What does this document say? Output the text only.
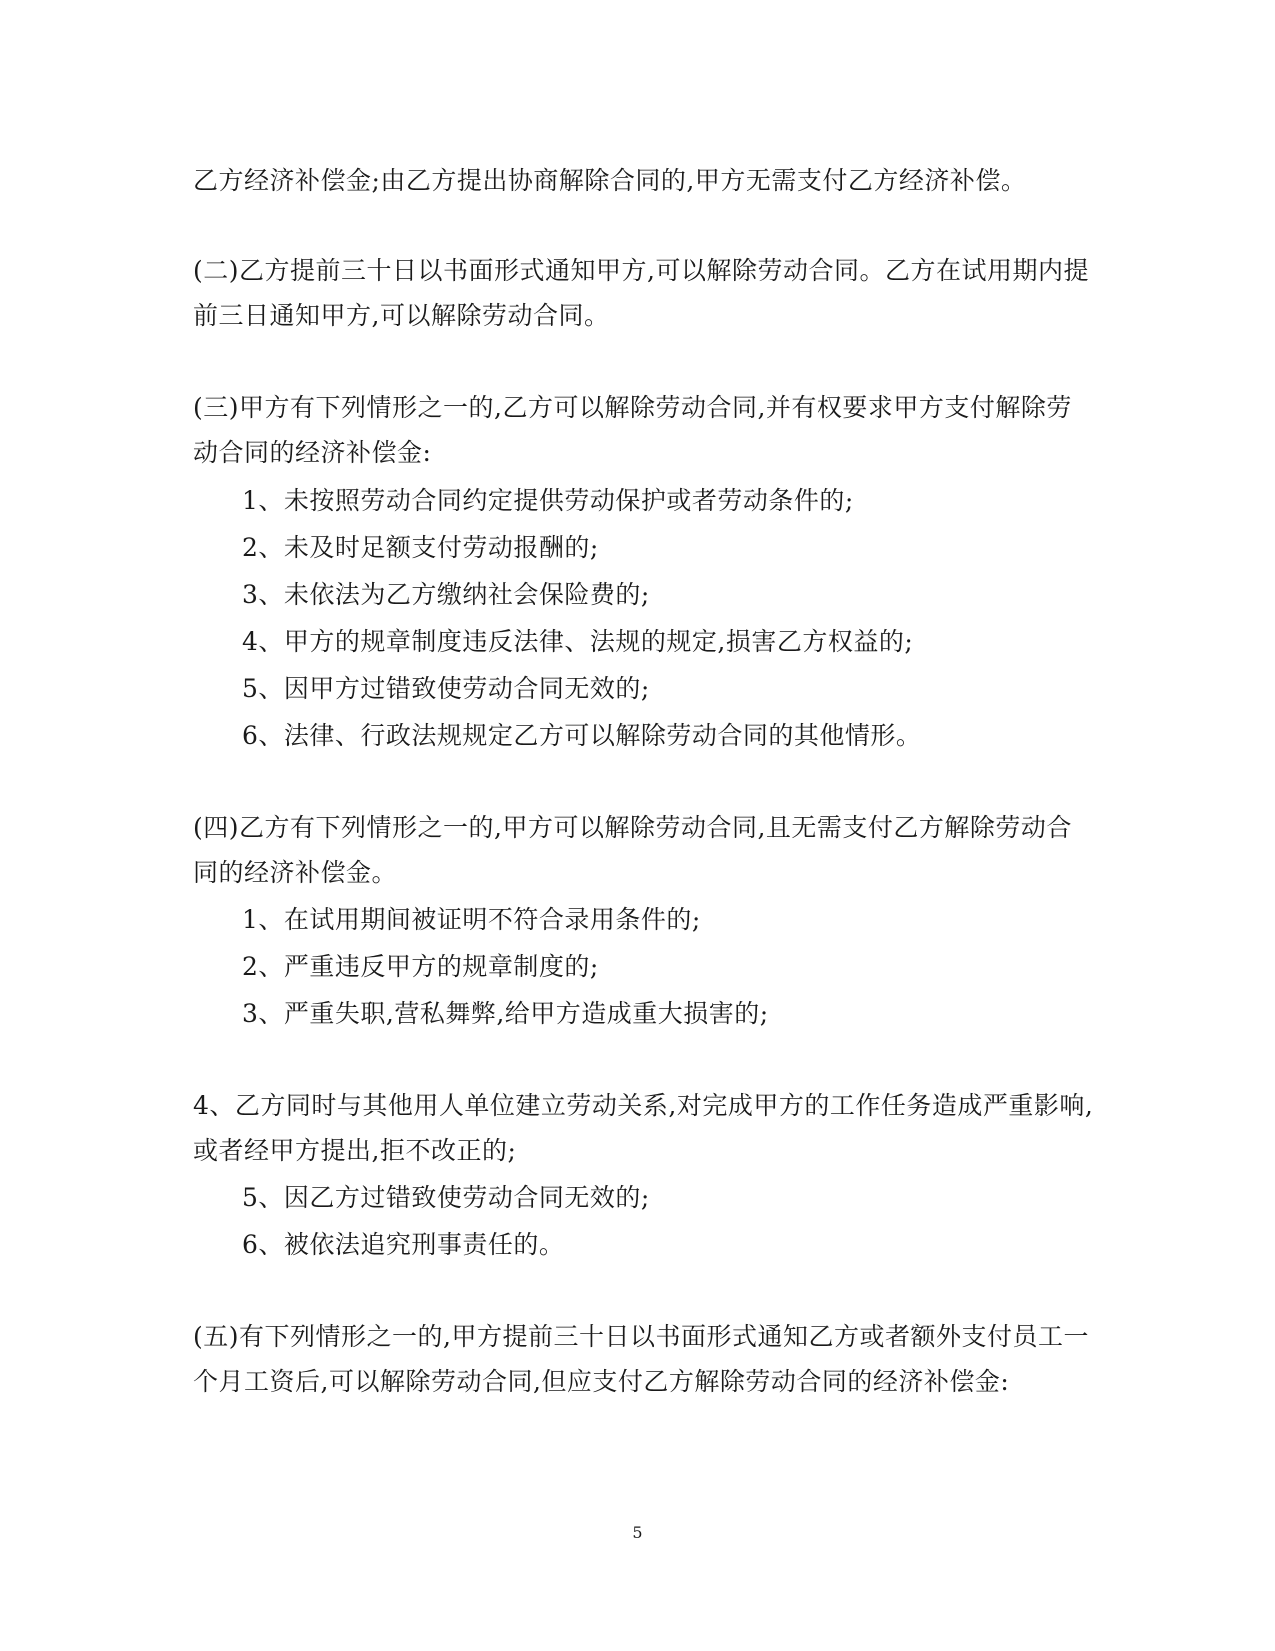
乙方经济补偿金;由乙方提出协商解除合同的,甲方无需支付乙方经济补偿。
(二)乙方提前三十日以书面形式通知甲方,可以解除劳动合同。乙方在试用期内提
前三日通知甲方,可以解除劳动合同。
(三)甲方有下列情形之一的,乙方可以解除劳动合同,并有权要求甲方支付解除劳
动合同的经济补偿金:
1、未按照劳动合同约定提供劳动保护或者劳动条件的;
2、未及时足额支付劳动报酬的;
3、未依法为乙方缴纳社会保险费的;
4、甲方的规章制度违反法律、法规的规定,损害乙方权益的;
5、因甲方过错致使劳动合同无效的;
6、法律、行政法规规定乙方可以解除劳动合同的其他情形。
(四)乙方有下列情形之一的,甲方可以解除劳动合同,且无需支付乙方解除劳动合
同的经济补偿金。
1、在试用期间被证明不符合录用条件的;
2、严重违反甲方的规章制度的;
3、严重失职,营私舞弊,给甲方造成重大损害的;
4、乙方同时与其他用人单位建立劳动关系,对完成甲方的工作任务造成严重影响,
或者经甲方提出,拒不改正的;
5、因乙方过错致使劳动合同无效的;
6、被依法追究刑事责任的。
(五)有下列情形之一的,甲方提前三十日以书面形式通知乙方或者额外支付员工一
个月工资后,可以解除劳动合同,但应支付乙方解除劳动合同的经济补偿金:
5
